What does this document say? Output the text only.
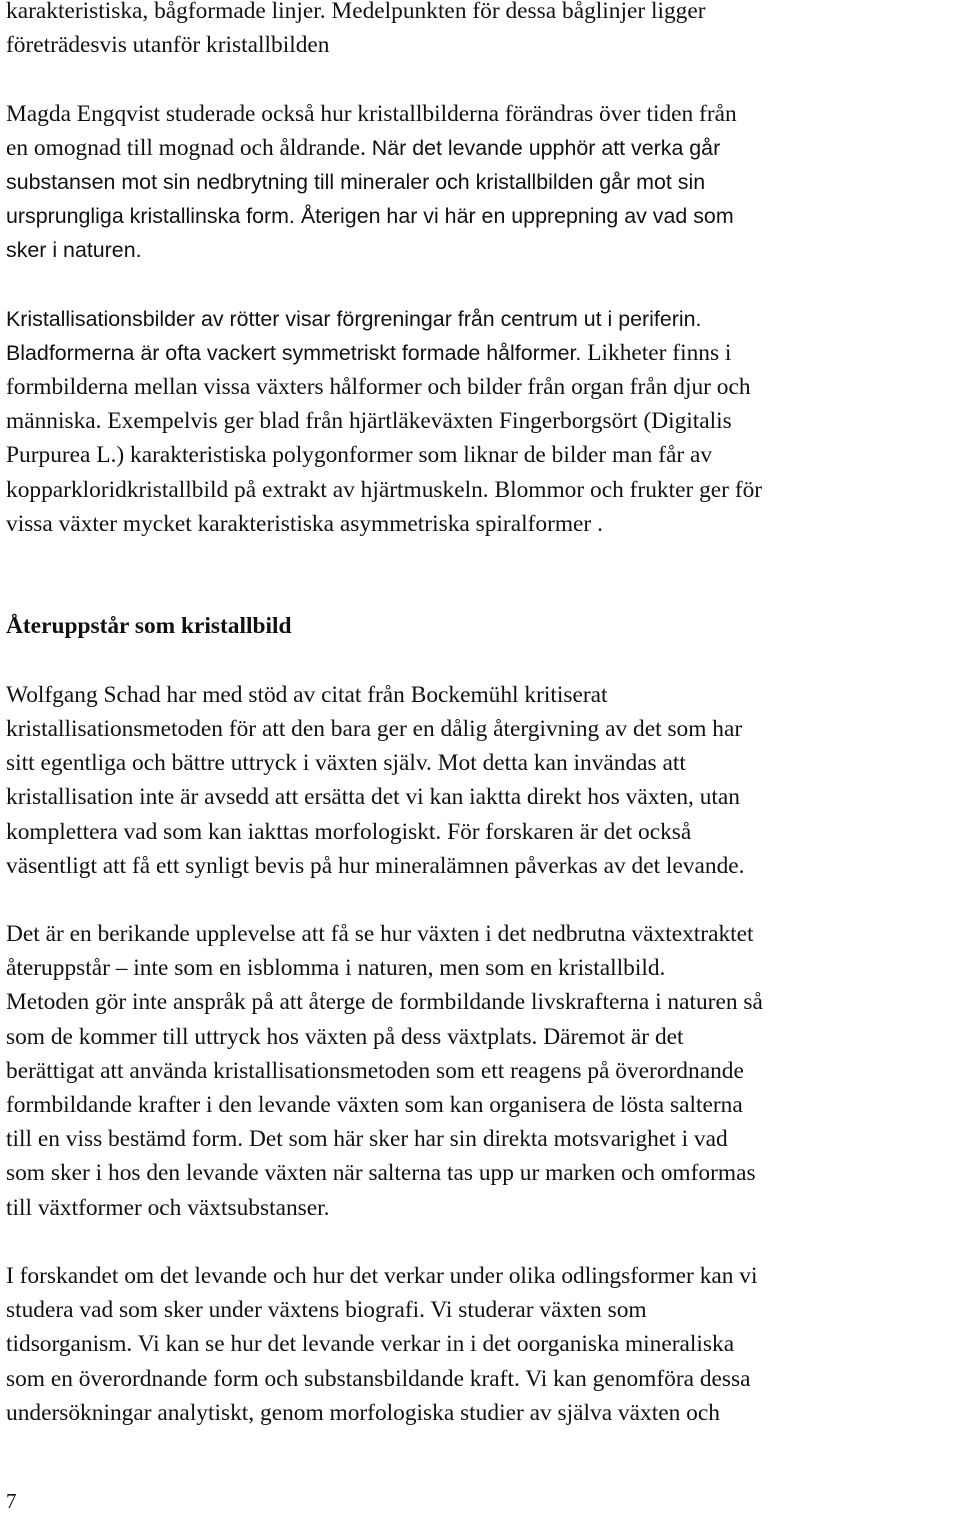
karakteristiska, bågformade linjer. Medelpunkten för dessa båglinjer ligger
företrädesvis utanför kristallbilden

Magda Engqvist studerade också hur kristallbilderna förändras över tiden från
en omognad till mognad och åldrande. När det levande upphör att verka går
substansen mot sin nedbrytning till mineraler och kristallbilden går mot sin
ursprungliga kristallinska form. Återigen har vi här en upprepning av vad som
sker i naturen.

Kristallisationsbilder av rötter visar förgreningar från centrum ut i periferin.
Bladformerna är ofta vackert symmetriskt formade hålformer. Likheter finns i
formbilderna mellan vissa växters hålformer och bilder från organ från djur och
människa. Exempelvis ger blad från hjärtläkeväxten Fingerborgsört (Digitalis
Purpurea L.) karakteristiska polygonformer som liknar de bilder man får av
kopparkloridkristallbild på extrakt av hjärtmuskeln. Blommor och frukter ger för
vissa växter mycket karakteristiska asymmetriska spiralformer .

Återuppstår som kristallbild

Wolfgang Schad har med stöd av citat från Bockemühl kritiserat
kristallisationsmetoden för att den bara ger en dålig återgivning av det som har
sitt egentliga och bättre uttryck i växten själv. Mot detta kan invändas att
kristallisation inte är avsedd att ersätta det vi kan iaktta direkt hos växten, utan
komplettera vad som kan iakttas morfologiskt. För forskaren är det också
väsentligt att få ett synligt bevis på hur mineralämnen påverkas av det levande.

Det är en berikande upplevelse att få se hur växten i det nedbrutna växtextraktet
återuppstår – inte som en isblomma i naturen, men som en kristallbild.
Metoden gör inte anspråk på att återge de formbildande livskrafterna i naturen så
som de kommer till uttryck hos växten på dess växtplats. Däremot är det
berättigat att använda kristallisationsmetoden som ett reagens på överordnande
formbildande krafter i den levande växten som kan organisera de lösta salterna
till en viss bestämd form. Det som här sker har sin direkta motsvarighet i vad
som sker i hos den levande växten när salterna tas upp ur marken och omformas
till växtformer och växtsubstanser.

I forskandet om det levande och hur det verkar under olika odlingsformer kan vi
studera vad som sker under växtens biografi. Vi studerar växten som
tidsorganism. Vi kan se hur det levande verkar in i det oorganiska mineraliska
som en överordnande form och substansbildande kraft. Vi kan genomföra dessa
undersökningar analytiskt, genom morfologiska studier av själva växten och

7
